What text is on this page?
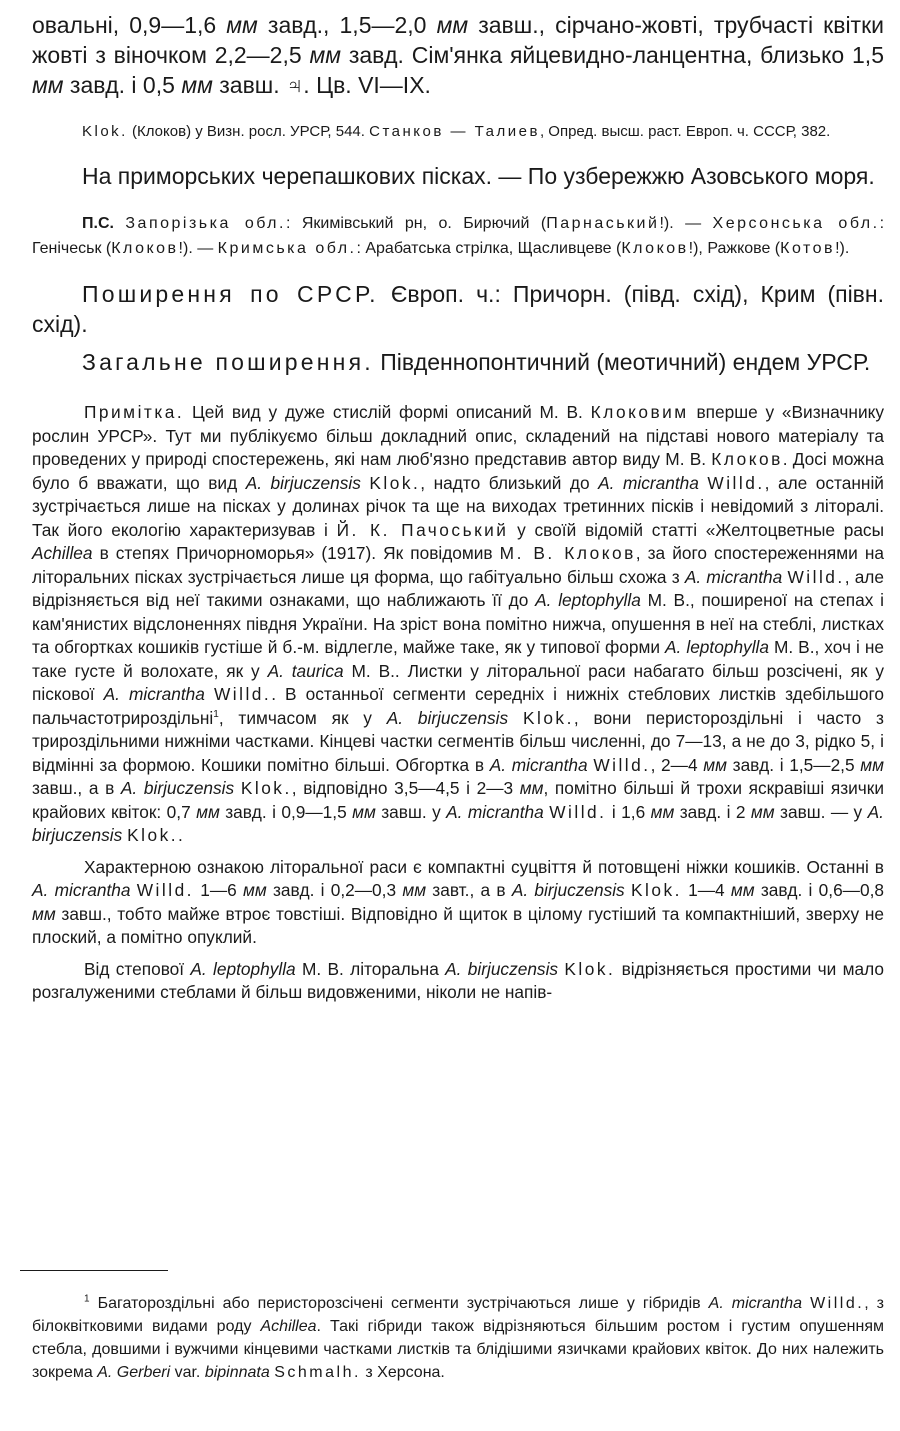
овальні, 0,9—1,6 мм завд., 1,5—2,0 мм завш., сірчано-жовті, трубчасті квітки жовті з віночком 2,2—2,5 мм завд. Сім'янка яйцевидно-ланцентна, близько 1,5 мм завд. і 0,5 мм завш. ♃. Цв. VI—IX.

Klok. (Клоков) у Визн. росл. УРСР, 544. Станков — Талиев, Опред. высш. раст. Европ. ч. СССР, 382.

На приморських черепашкових пісках. — По узбережжю Азовського моря.

П.С. Запорізька обл.: Якимівський рн, о. Бирючий (Парнаський!). — Херсонська обл.: Генічеськ (Клоков!). — Кримська обл.: Арабатська стрілка, Щасливцеве (Клоков!), Ражкове (Котов!).

Поширення по СРСР. Європ. ч.: Причорн. (півд. схід), Крим (півн. схід).

Загальне поширення. Південнопонтичний (меотичний) ендем УРСР.

Примітка. Цей вид у дуже стислій формі описаний М. В. Клоковим вперше у «Визначнику рослин УРСР». Тут ми публікуємо більш докладний опис, складений на підставі нового матеріалу та проведених у природі спостережень, які нам люб'язно представив автор виду М. В. Клоков. Досі можна було б вважати, що вид A. birjuczensis Klok., надто близький до A. micrantha Willd., але останній зустрічається лише на пісках у долинах річок та ще на виходах третинних пісків і невідомий з літоралі. Так його екологію характеризував і Й. К. Пачоський у своїй відомій статті «Желтоцветные расы Achillea в степях Причорноморья» (1917). Як повідомив М. В. Клоков, за його спостереженнями на літоральних пісках зустрічається лише ця форма, що габітуально більш схожа з A. micrantha Willd., але відрізняється від неї такими ознаками, що наближають її до A. leptophylla M. B., поширеної на степах і кам'янистих відслоненнях півдня України. На зріст вона помітно нижча, опушення в неї на стеблі, листках та обгортках кошиків густіше й б.-м. відлегле, майже таке, як у типової форми A. leptophylla M. B., хоч і не таке густе й волохате, як у A. taurica M. B.. Листки у літоральної раси набагато більш розсічені, як у піскової A. micrantha Willd.. В останньої сегменти середніх і нижніх стеблових листків здебільшого пальчастотрироздільні$^1$, тимчасом як у A. birjuczensis Klok., вони перистороздільні і часто з трироздільними нижніми частками. Кінцеві частки сегментів більш численні, до 7—13, а не до 3, рідко 5, і відмінні за формою. Кошики помітно більші. Обгортка в A. micrantha Willd., 2—4 мм завд. і 1,5—2,5 мм завш., а в A. birjuczensis Klok., відповідно 3,5—4,5 і 2—3 мм, помітно більші й трохи яскравіші язички крайових квіток: 0,7 мм завд. і 0,9—1,5 мм завш. у A. micrantha Willd. і 1,6 мм завд. і 2 мм завш. — у A. birjuczensis Klok..

Характерною ознакою літоральної раси є компактні суцвіття й потовщені ніжки кошиків. Останні в A. micrantha Willd. 1—6 мм завд. і 0,2—0,3 мм завт., а в A. birjuczensis Klok. 1—4 мм завд. і 0,6—0,8 мм завш., тобто майже втроє товстіші. Відповідно й щиток в цілому густіший та компактніший, зверху не плоский, а помітно опуклий.

Від степової A. leptophylla M. B. літоральна A. birjuczensis Klok. відрізняється простими чи мало розгалуженими стеблами й більш видовженими, ніколи не напів-

$^1$ Багатороздільні або перисторозсічені сегменти зустрічаються лише у гібридів A. micrantha Willd., з білоквітковими видами роду Achillea. Такі гібриди також відрізняються більшим ростом і густим опушенням стебла, довшими і вужчими кінцевими частками листків та блідішими язичками крайових квіток. До них належить зокрема A. Gerberi var. bipinnata Schmalh. з Херсона.
